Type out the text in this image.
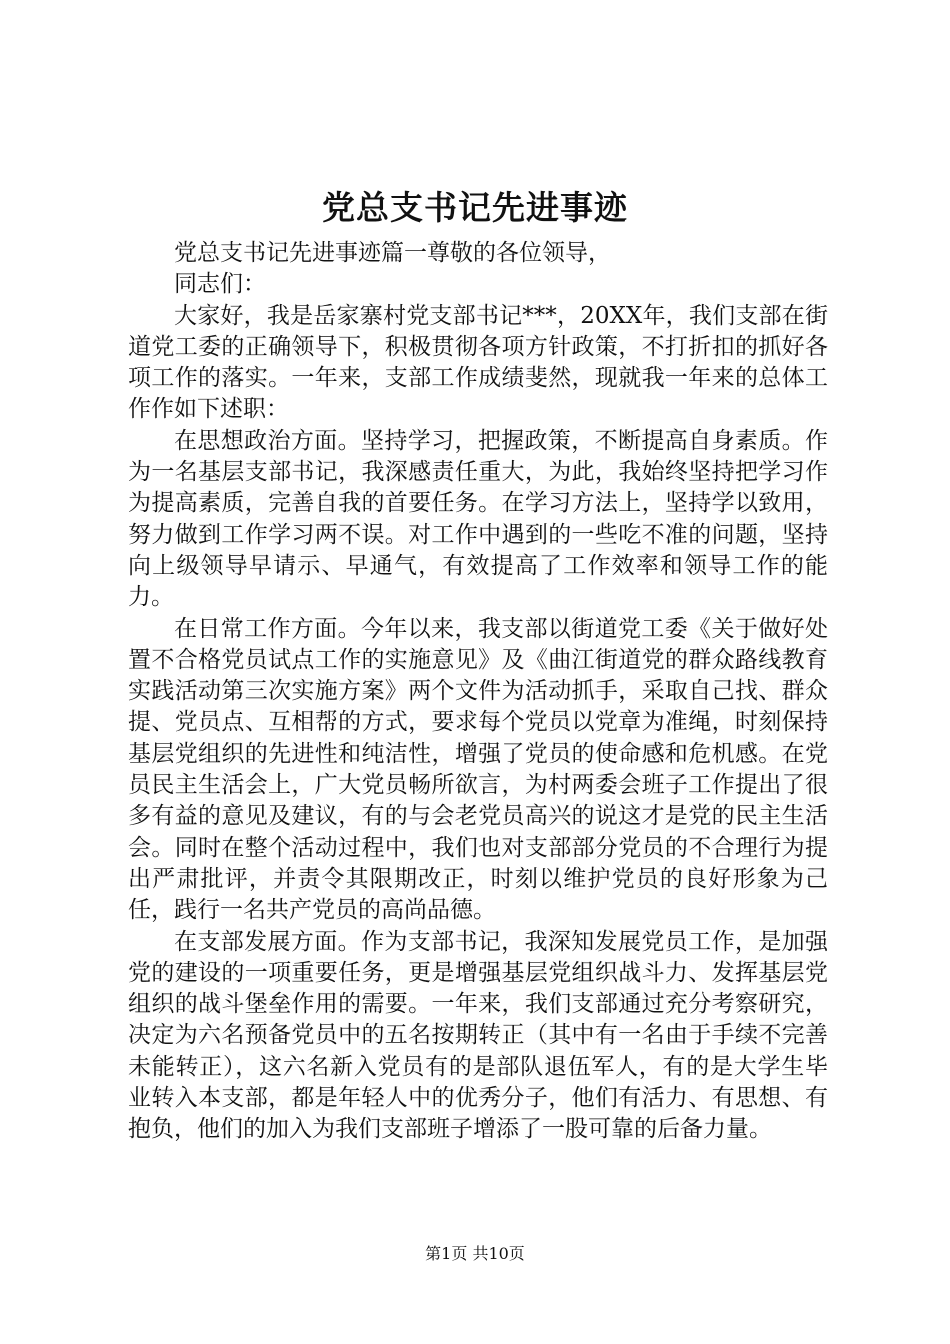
党总支书记先进事迹

党总支书记先进事迹篇一尊敬的各位领导，

同志们：

大家好，我是岳家寨村党支部书记***，20XX年，我们支部在街道党工委的正确领导下，积极贯彻各项方针政策，不打折扣的抓好各项工作的落实。一年来，支部工作成绩斐然，现就我一年来的总体工作作如下述职：

在思想政治方面。坚持学习，把握政策，不断提高自身素质。作为一名基层支部书记，我深感责任重大，为此，我始终坚持把学习作为提高素质，完善自我的首要任务。在学习方法上，坚持学以致用，努力做到工作学习两不误。对工作中遇到的一些吃不准的问题，坚持向上级领导早请示、早通气，有效提高了工作效率和领导工作的能力。

在日常工作方面。今年以来，我支部以街道党工委《关于做好处置不合格党员试点工作的实施意见》及《曲江街道党的群众路线教育实践活动第三次实施方案》两个文件为活动抓手，采取自己找、群众提、党员点、互相帮的方式，要求每个党员以党章为准绳，时刻保持基层党组织的先进性和纯洁性，增强了党员的使命感和危机感。在党员民主生活会上，广大党员畅所欲言，为村两委会班子工作提出了很多有益的意见及建议，有的与会老党员高兴的说这才是党的民主生活会。同时在整个活动过程中，我们也对支部部分党员的不合理行为提出严肃批评，并责令其限期改正，时刻以维护党员的良好形象为己任，践行一名共产党员的高尚品德。

在支部发展方面。作为支部书记，我深知发展党员工作，是加强党的建设的一项重要任务，更是增强基层党组织战斗力、发挥基层党组织的战斗堡垒作用的需要。一年来，我们支部通过充分考察研究，决定为六名预备党员中的五名按期转正（其中有一名由于手续不完善未能转正），这六名新入党员有的是部队退伍军人，有的是大学生毕业转入本支部，都是年轻人中的优秀分子，他们有活力、有思想、有抱负，他们的加入为我们支部班子增添了一股可靠的后备力量。

第1页 共10页
